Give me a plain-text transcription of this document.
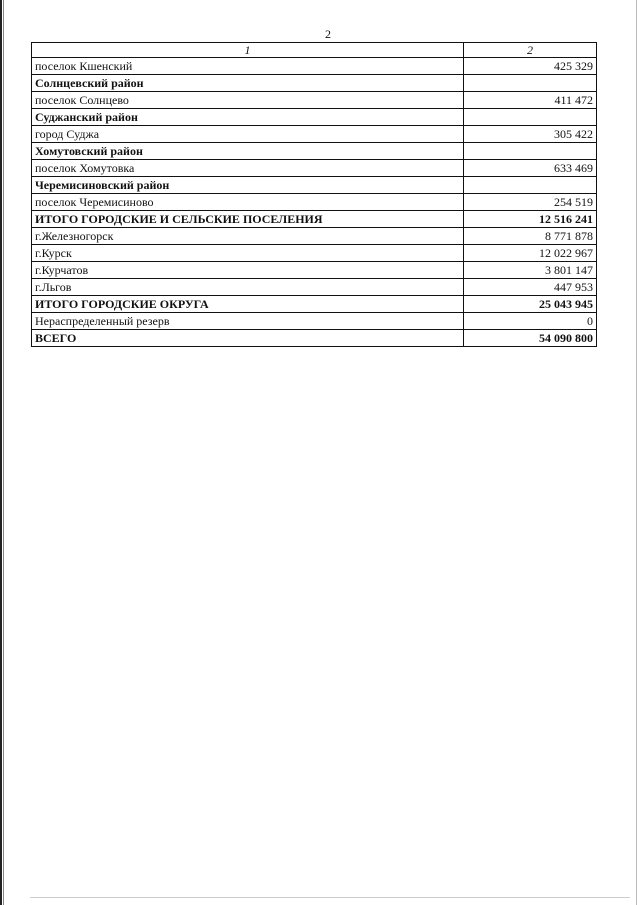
2
1	2
поселок Кшенский	425 329
Солнцевский район	
поселок Солнцево	411 472
Суджанский район	
город Суджа	305 422
Хомутовский район	
поселок Хомутовка	633 469
Черемисиновский район	
поселок Черемисиново	254 519
ИТОГО ГОРОДСКИЕ И СЕЛЬСКИЕ ПОСЕЛЕНИЯ	12 516 241
г.Железногорск	8 771 878
г.Курск	12 022 967
г.Курчатов	3 801 147
г.Льгов	447 953
ИТОГО ГОРОДСКИЕ ОКРУГА	25 043 945
Нераспределенный резерв	0
ВСЕГО	54 090 800
